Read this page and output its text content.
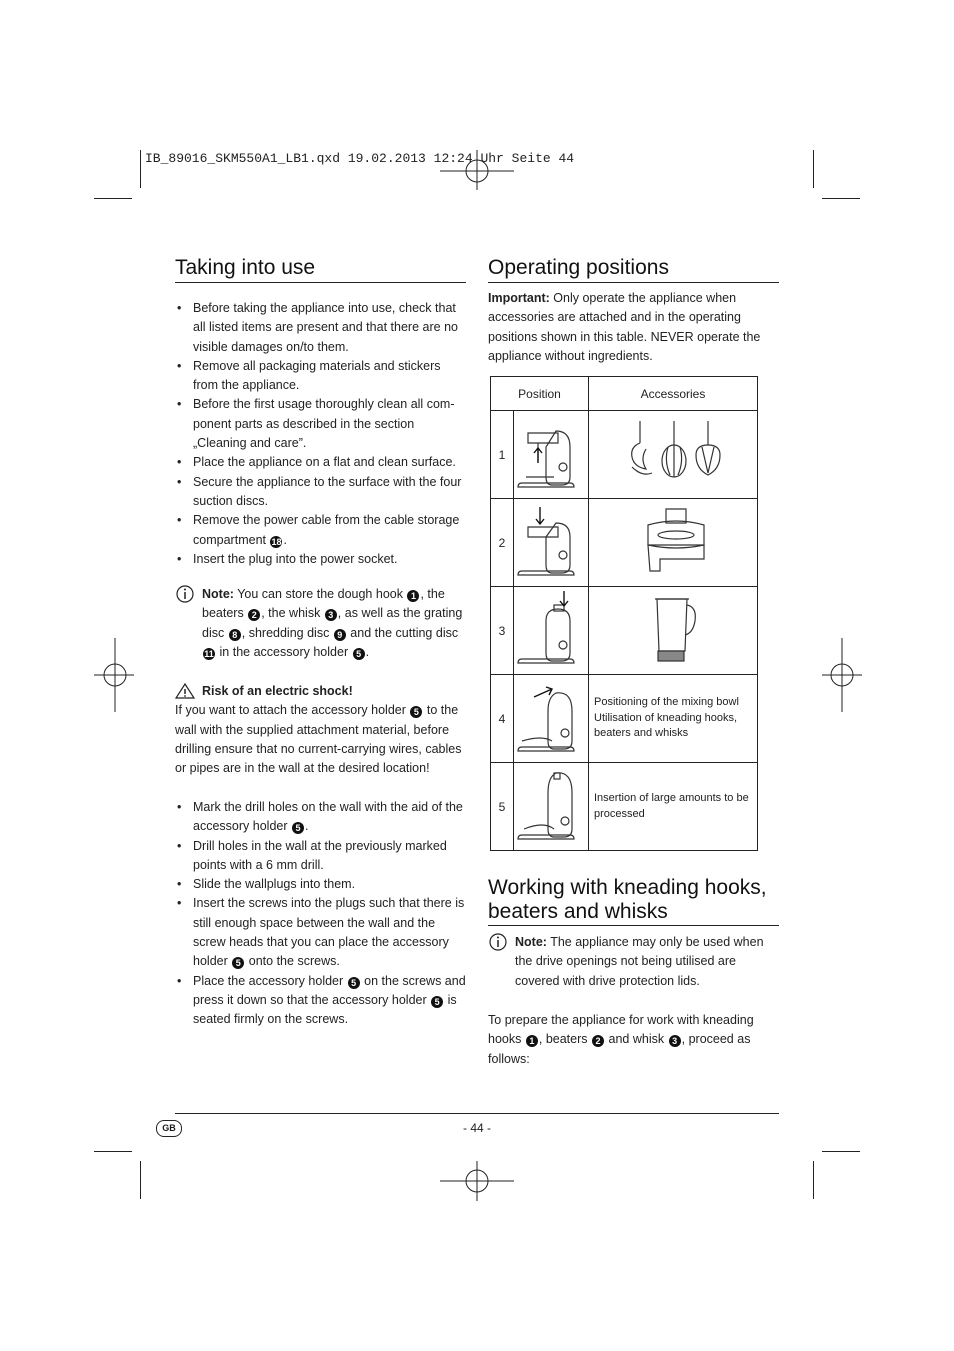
IB_89016_SKM550A1_LB1.qxd 19.02.2013 12:24 Uhr Seite 44
Taking into use
• Before taking the appliance into use, check that all listed items are present and that there are no visible damages on/to them.
• Remove all packaging materials and stickers from the appliance.
• Before the first usage thoroughly clean all com-ponent parts as described in the section „Cleaning and care”.
• Place the appliance on a flat and clean surface.
• Secure the appliance to the surface with the four suction discs.
• Remove the power cable from the cable storage compartment 18 .
• Insert the plug into the power socket.
Note: You can store the dough hook 1 , the beaters 2 , the whisk 3 , as well as the grating disc 8 , shredding disc 9 and the cutting disc 11 in the accessory holder 5 .
Risk of an electric shock!
If you want to attach the accessory holder 5 to the wall with the supplied attachment material, before drilling ensure that no current-carrying wires, cables or pipes are in the wall at the desired location!
• Mark the drill holes on the wall with the aid of the accessory holder 5 .
• Drill holes in the wall at the previously marked points with a 6 mm drill.
• Slide the wallplugs into them.
• Insert the screws into the plugs such that there is still enough space between the wall and the screw heads that you can place the accessory holder 5 onto the screws.
• Place the accessory holder 5 on the screws and press it down so that the accessory holder 5 is seated firmly on the screws.
Operating positions
Important: Only operate the appliance when accessories are attached and in the operating positions shown in this table. NEVER operate the appliance without ingredients.
Position		Accessories
1		
2		
3		
4		Positioning of the mixing bowl Utilisation of kneading hooks, beaters and whisks
5		Insertion of large amounts to be processed
Working with kneading hooks,
beaters and whisks
Note: The appliance may only be used when the drive openings not being utilised are covered with drive protection lids.
To prepare the appliance for work with kneading hooks 1 , beaters 2 and whisk 3 , proceed as follows:
GB	- 44 -
